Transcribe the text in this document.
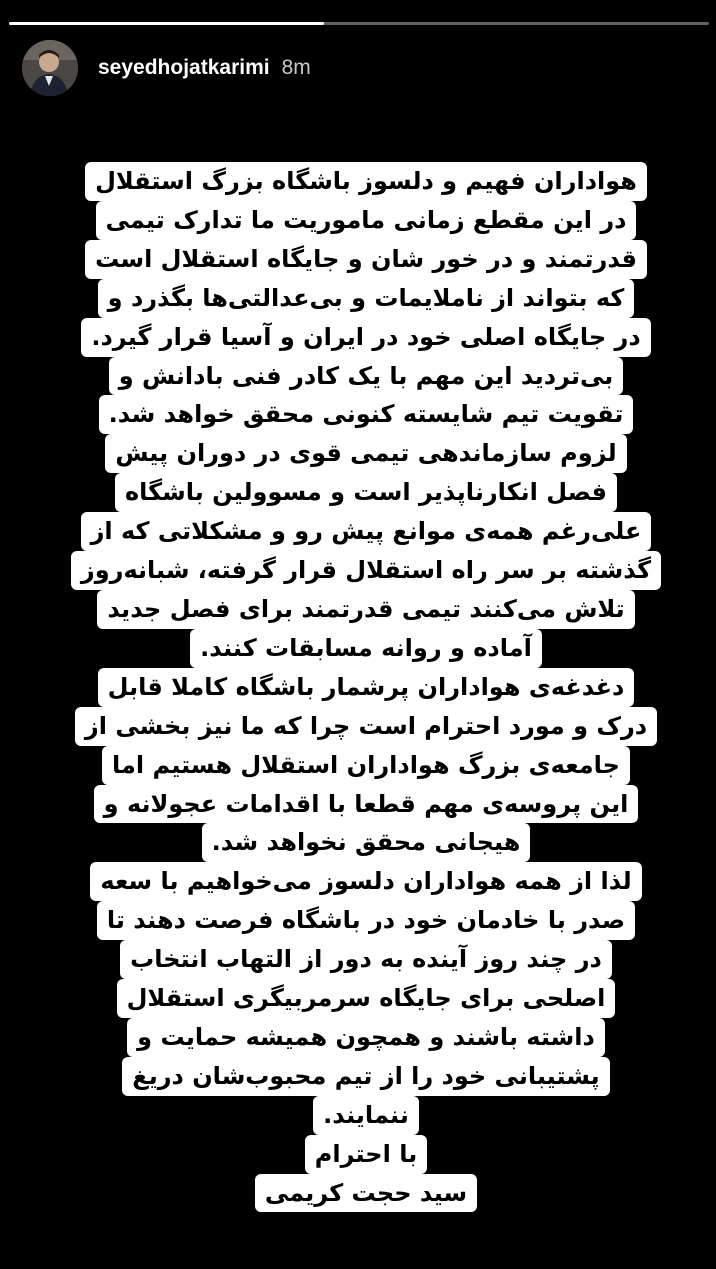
seyedhojatkarimi 8m
هواداران فهیم و دلسوز باشگاه بزرگ استقلال
در این مقطع زمانی ماموریت ما تدارک تیمی
قدرتمند و در خور شان و جایگاه استقلال است
که بتواند از ناملایمات و بی‌عدالتی‌ها بگذرد و
در جایگاه اصلی خود در ایران و آسیا قرار گیرد.
بی‌تردید این مهم با یک کادر فنی بادانش و
تقویت تیم شایسته کنونی محقق خواهد شد.
لزوم سازماندهی تیمی قوی در دوران پیش
فصل انکارناپذیر است و مسوولین باشگاه
علی‌رغم همه‌ی موانع پیش رو و مشکلاتی که از
گذشته بر سر راه استقلال قرار گرفته، شبانه‌روز
تلاش می‌کنند تیمی قدرتمند برای فصل جدید
آماده و روانه مسابقات کنند.
دغدغه‌ی هواداران پرشمار باشگاه کاملا قابل
درک و مورد احترام است چرا که ما نیز بخشی از
جامعه‌ی بزرگ هواداران استقلال هستیم اما
این پروسه‌ی مهم قطعا با اقدامات عجولانه و
هیجانی محقق نخواهد شد.
لذا از همه هواداران دلسوز می‌خواهیم با سعه
صدر با خادمان خود در باشگاه فرصت دهند تا
در چند روز آینده به دور از التهاب انتخاب
اصلحی برای جایگاه سرمربیگری استقلال
داشته باشند و همچون همیشه حمایت و
پشتیبانی خود را از تیم محبوب‌شان دریغ
ننمایند.
با احترام
سید حجت کریمی
